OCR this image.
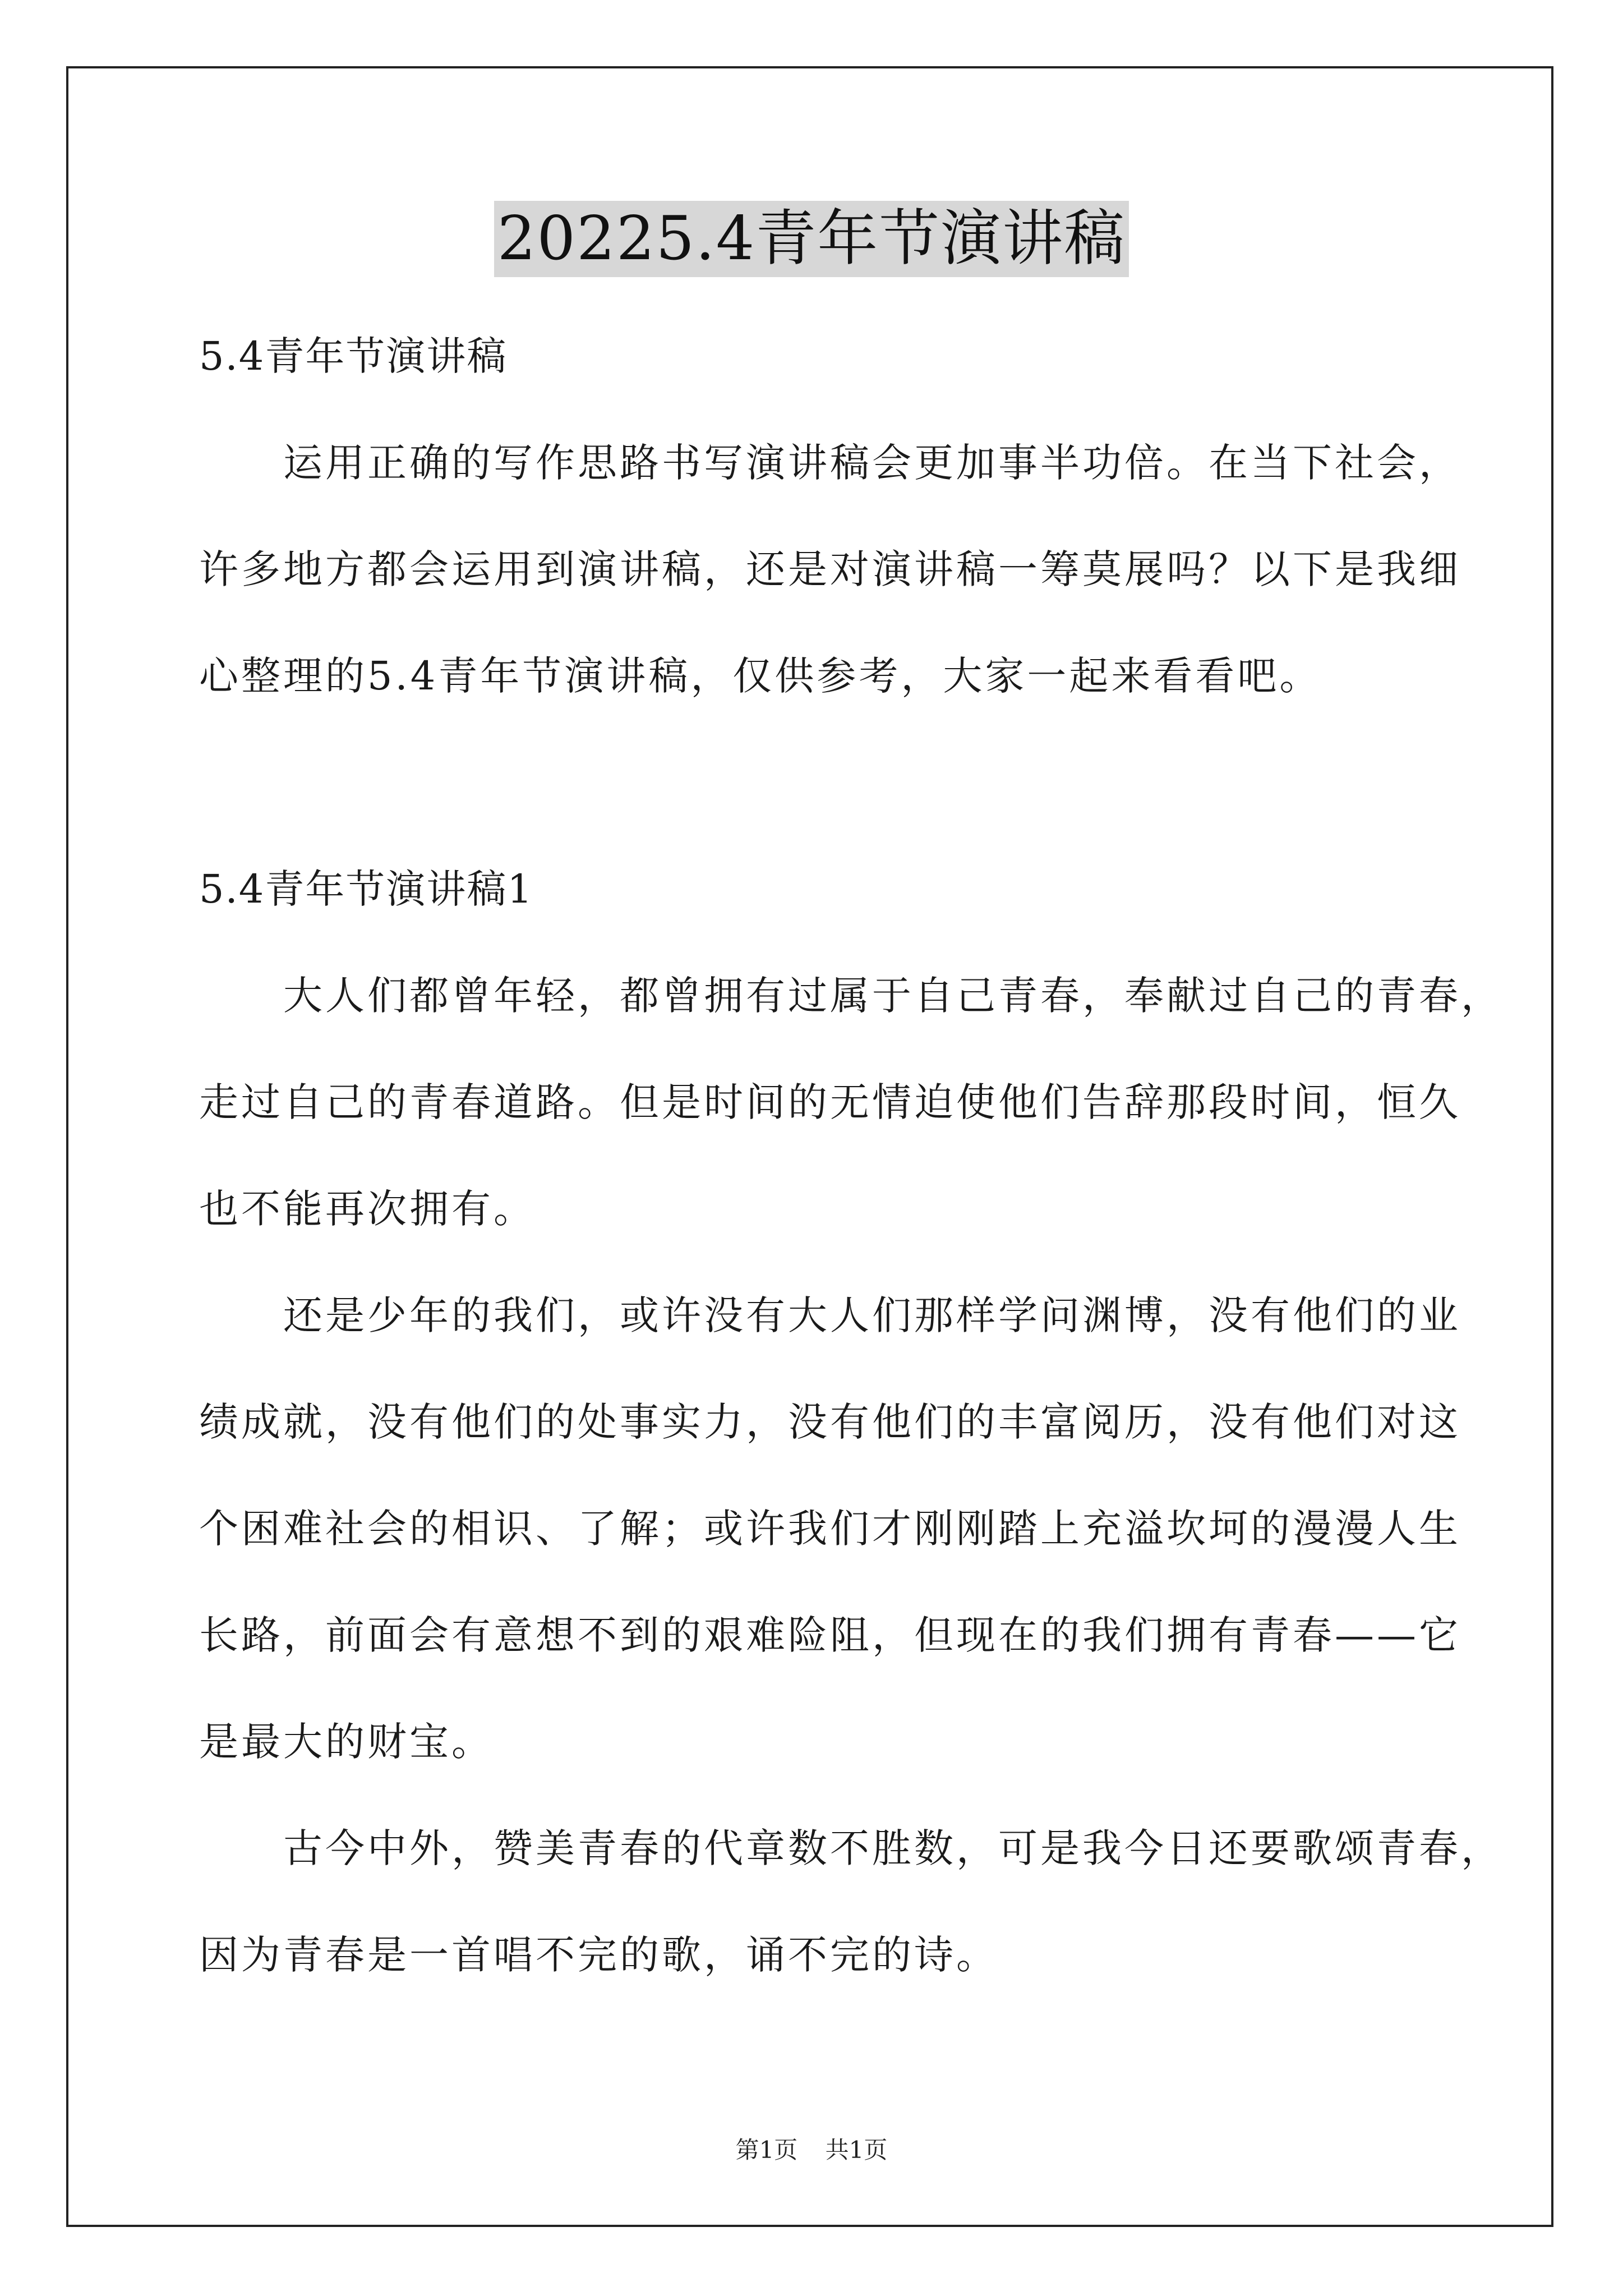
20225.4青年节演讲稿
5.4青年节演讲稿
　　运用正确的写作思路书写演讲稿会更加事半功倍。在当下社会，
许多地方都会运用到演讲稿，还是对演讲稿一筹莫展吗？以下是我细
心整理的5.4青年节演讲稿，仅供参考，大家一起来看看吧。
5.4青年节演讲稿1
　　大人们都曾年轻，都曾拥有过属于自己青春，奉献过自己的青春，
走过自己的青春道路。但是时间的无情迫使他们告辞那段时间，恒久
也不能再次拥有。
　　还是少年的我们，或许没有大人们那样学问渊博，没有他们的业
绩成就，没有他们的处事实力，没有他们的丰富阅历，没有他们对这
个困难社会的相识、了解；或许我们才刚刚踏上充溢坎坷的漫漫人生
长路，前面会有意想不到的艰难险阻，但现在的我们拥有青春——它
是最大的财宝。
　　古今中外，赞美青春的代章数不胜数，可是我今日还要歌颂青春，
因为青春是一首唱不完的歌，诵不完的诗。
第1页 共1页
